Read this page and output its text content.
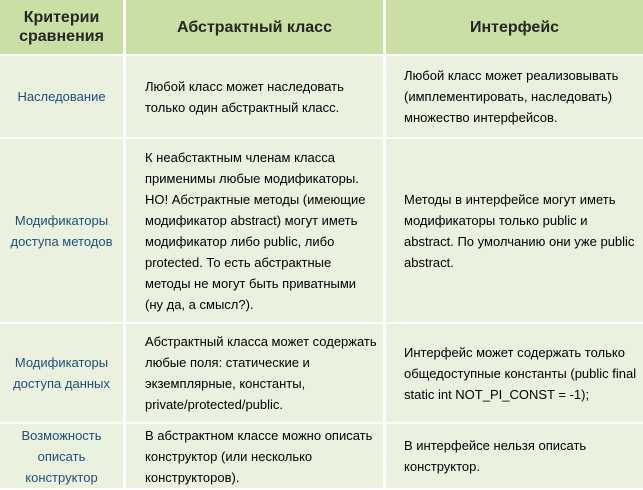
Критерии сравнения
Абстрактный класс	Интерфейс
Наследование
Любой класс может наследовать только один абстрактный класс.
Любой класс может реализовывать (имплементировать, наследовать) множество интерфейсов.
Модификаторы доступа методов
К неабстактным членам класса применимы любые модификаторы. НО! Абстрактные методы (имеющие модификатор abstract) могут иметь модификатор либо public, либо protected. То есть абстрактные методы не могут быть приватными (ну да, а смысл?).
Методы в интерфейсе могут иметь модификаторы только public и abstract. По умолчанию они уже public abstract.
Модификаторы доступа данных
Абстрактный класса может содержать любые поля: статические и экземплярные, константы, private/protected/public.
Интерфейс может содержать только общедоступные константы (public final static int NOT_PI_CONST = -1);
Возможность описать конструктор
В абстрактном классе можно описать конструктор (или несколько конструкторов).
В интерфейсе нельзя описать конструктор.
